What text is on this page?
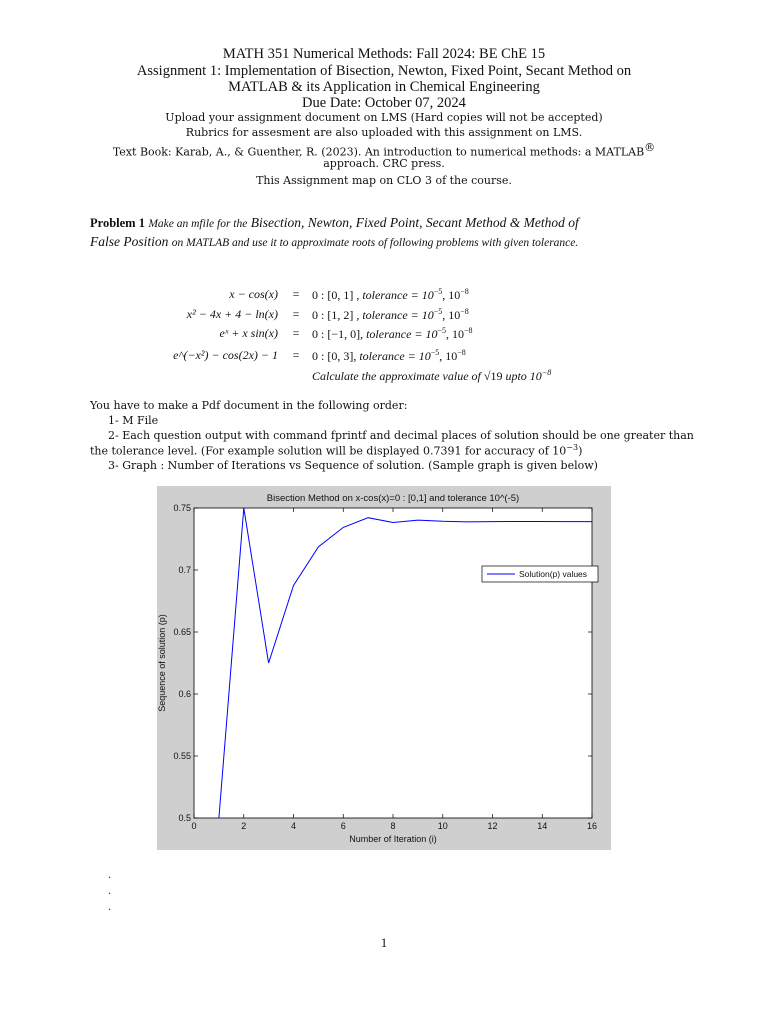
MATH 351 Numerical Methods: Fall 2024: BE ChE 15
Assignment 1: Implementation of Bisection, Newton, Fixed Point, Secant Method on
MATLAB & its Application in Chemical Engineering
Due Date: October 07, 2024
Upload your assignment document on LMS (Hard copies will not be accepted)
Rubrics for assesment are also uploaded with this assignment on LMS.
Text Book: Karab, A., & Guenther, R. (2023). An introduction to numerical methods: a MATLAB®
approach. CRC press.
This Assignment map on CLO 3 of the course.
Problem 1 Make an mfile for the Bisection, Newton, Fixed Point, Secant Method & Method of
False Position on MATLAB and use it to approximate roots of following problems with given tolerance.
x − cos(x)	=	0 : [0, 1] , tolerance = $10^{-5}$, $10^{-8}$
x² − 4x + 4 − ln(x)	=	0 : [1, 2] , tolerance = $10^{-5}$, $10^{-8}$
eˣ + x sin(x)	=	0 : [−1, 0], tolerance = $10^{-5}$, $10^{-8}$
e^(−x²) − cos(2x) − 1	=	0 : [0, 3], tolerance = $10^{-5}$, $10^{-8}$
Calculate the approximate value of √19 upto $10^{-8}$
You have to make a Pdf document in the following order:
1- M File
2- Each question output with command fprintf and decimal places of solution should be one greater than
the tolerance level. (For example solution will be displayed 0.7391 for accuracy of $10^{-3}$)
3- Graph : Number of Iterations vs Sequence of solution. (Sample graph is given below)
Bisection Method on x-cos(x)=0 : [0,1] and tolerance 10^(-5)
0	2	4	6	8	10	12	14	16
0.5
0.55
0.6
0.65
0.7
0.75
Number of Iteration (i)
Sequence of solution (p)
Solution(p) values
.
.
.
1
